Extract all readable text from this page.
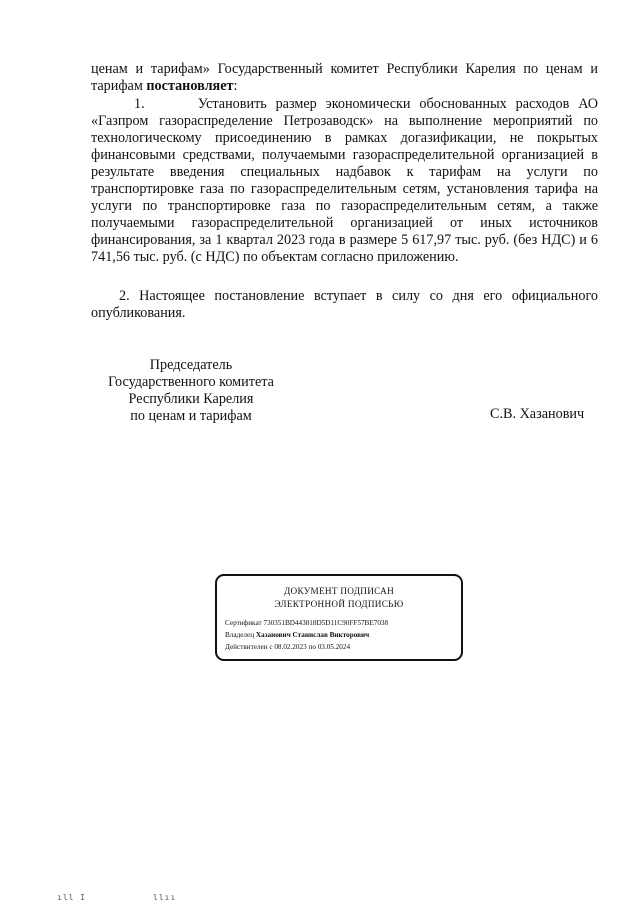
ценам и тарифам» Государственный комитет Республики Карелия по ценам и тарифам постановляет:

1.	Установить размер экономически обоснованных расходов АО «Газпром газораспределение Петрозаводск» на выполнение мероприятий по технологическому присоединению в рамках догазификации, не покрытых финансовыми средствами, получаемыми газораспределительной организацией в результате введения специальных надбавок к тарифам на услуги по транспортировке газа по газораспределительным сетям, установления тарифа на услуги по транспортировке газа по газораспределительным сетям, а также получаемыми газораспределительной организацией от иных источников финансирования, за 1 квартал 2023 года в размере 5 617,97 тыс. руб. (без НДС) и 6 741,56 тыс. руб. (с НДС) по объектам согласно приложению.

2. Настоящее постановление вступает в силу со дня его официального опубликования.

Председатель
Государственного комитета
Республики Карелия
по ценам и тарифам	С.В. Хазанович
ДОКУМЕНТ ПОДПИСАН
ЭЛЕКТРОННОЙ ПОДПИСЬЮ
Сертификат 730351BD443818D5D11C90FF57BE7038
Владелец Хазанович Станислав Викторович
Действителен с 08.02.2023 по 03.05.2024
ıll I	llıı
